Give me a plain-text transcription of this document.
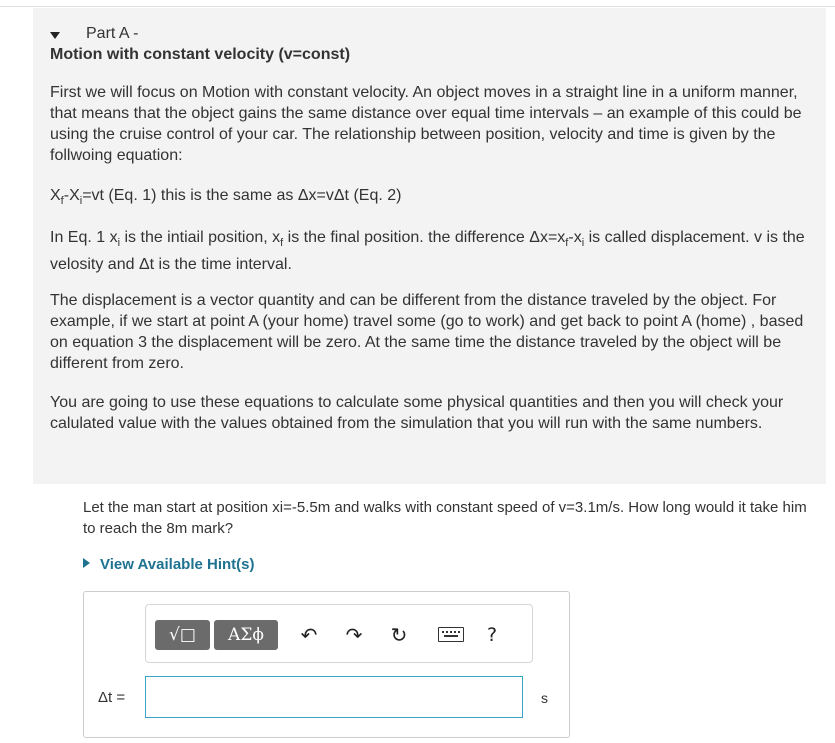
Part A -
Motion with constant velocity (v=const)

First we will focus on Motion with constant velocity. An object moves in a straight line in a uniform manner, that means that the object gains the same distance over equal time intervals – an example of this could be using the cruise control of your car. The relationship between position, velocity and time is given by the follwoing equation:

$X_f-X_i=vt$ (Eq. 1) this is the same as Δx=vΔt (Eq. 2)

In Eq. 1 $x_i$ is the intiail position, $x_f$ is the final position. the difference $\Delta x=x_f-x_i$ is called displacement. v is the velosity and Δt is the time interval.

The displacement is a vector quantity and can be different from the distance traveled by the object. For example, if we start at point A (your home) travel some (go to work) and get back to point A (home) , based on equation 3 the displacement will be zero. At the same time the distance traveled by the object will be different from zero.

You are going to use these equations to calculate some physical quantities and then you will check your calulated value with the values obtained from the simulation that you will run with the same numbers.

Let the man start at position xi=-5.5m and walks with constant speed of v=3.1m/s. How long would it take him to reach the 8m mark?

View Available Hint(s)
√□	ΑΣϕ	↶ ↷ ↻	?
Δt =	s
